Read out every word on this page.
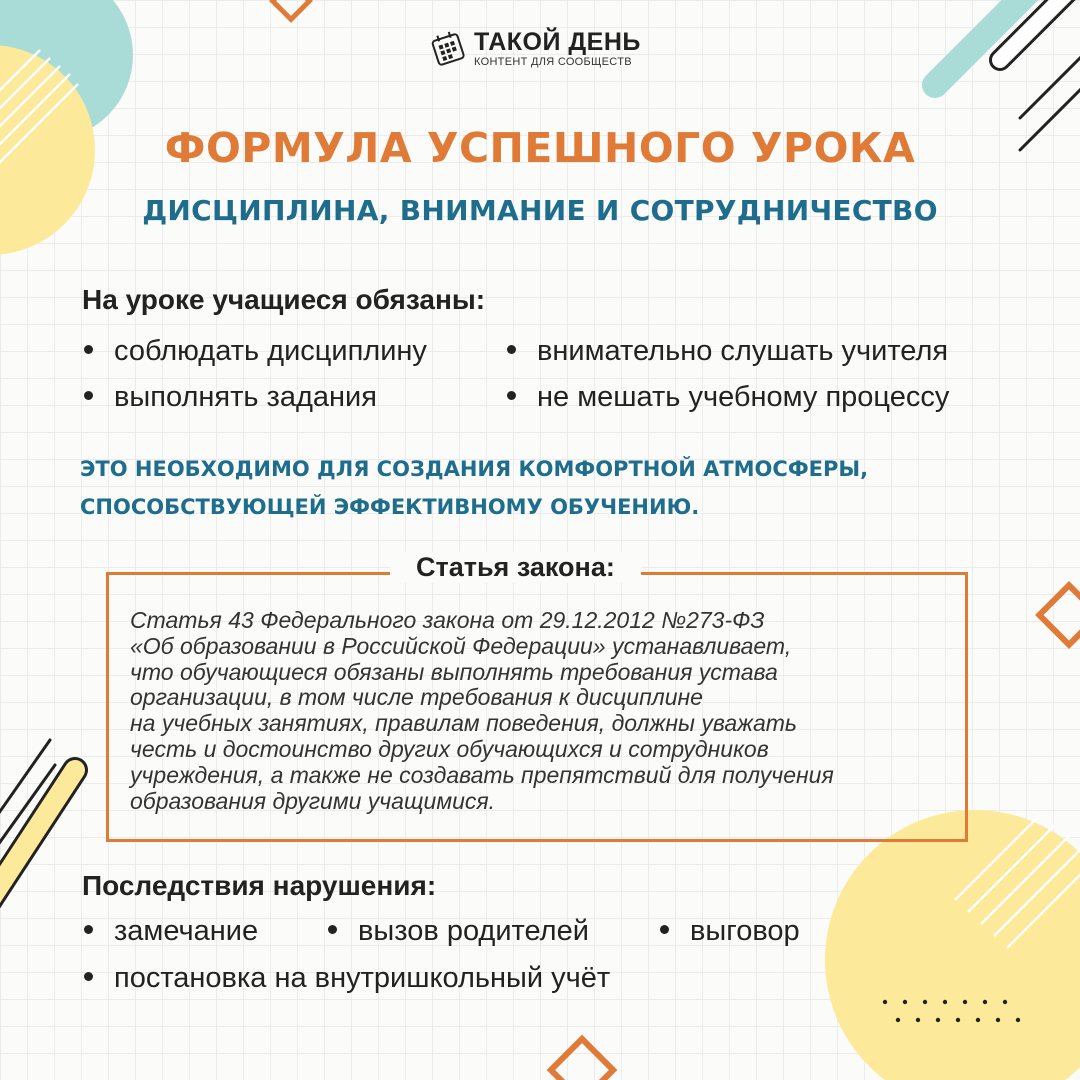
ТАКОЙ ДЕНЬ
КОНТЕНТ ДЛЯ СООБЩЕСТВ
ФОРМУЛА УСПЕШНОГО УРОКА
ДИСЦИПЛИНА, ВНИМАНИЕ И СОТРУДНИЧЕСТВО
На уроке учащиеся обязаны:
соблюдать дисциплину	внимательно слушать учителя
выполнять задания	не мешать учебному процессу
ЭТО НЕОБХОДИМО ДЛЯ СОЗДАНИЯ КОМФОРТНОЙ АТМОСФЕРЫ,
СПОСОБСТВУЮЩЕЙ ЭФФЕКТИВНОМУ ОБУЧЕНИЮ.
Статья закона:
Статья 43 Федерального закона от 29.12.2012 №273-ФЗ
«Об образовании в Российской Федерации» устанавливает,
что обучающиеся обязаны выполнять требования устава
организации, в том числе требования к дисциплине
на учебных занятиях, правилам поведения, должны уважать
честь и достоинство других обучающихся и сотрудников
учреждения, а также не создавать препятствий для получения
образования другими учащимися.
Последствия нарушения:
замечание	вызов родителей	выговор
постановка на внутришкольный учёт
